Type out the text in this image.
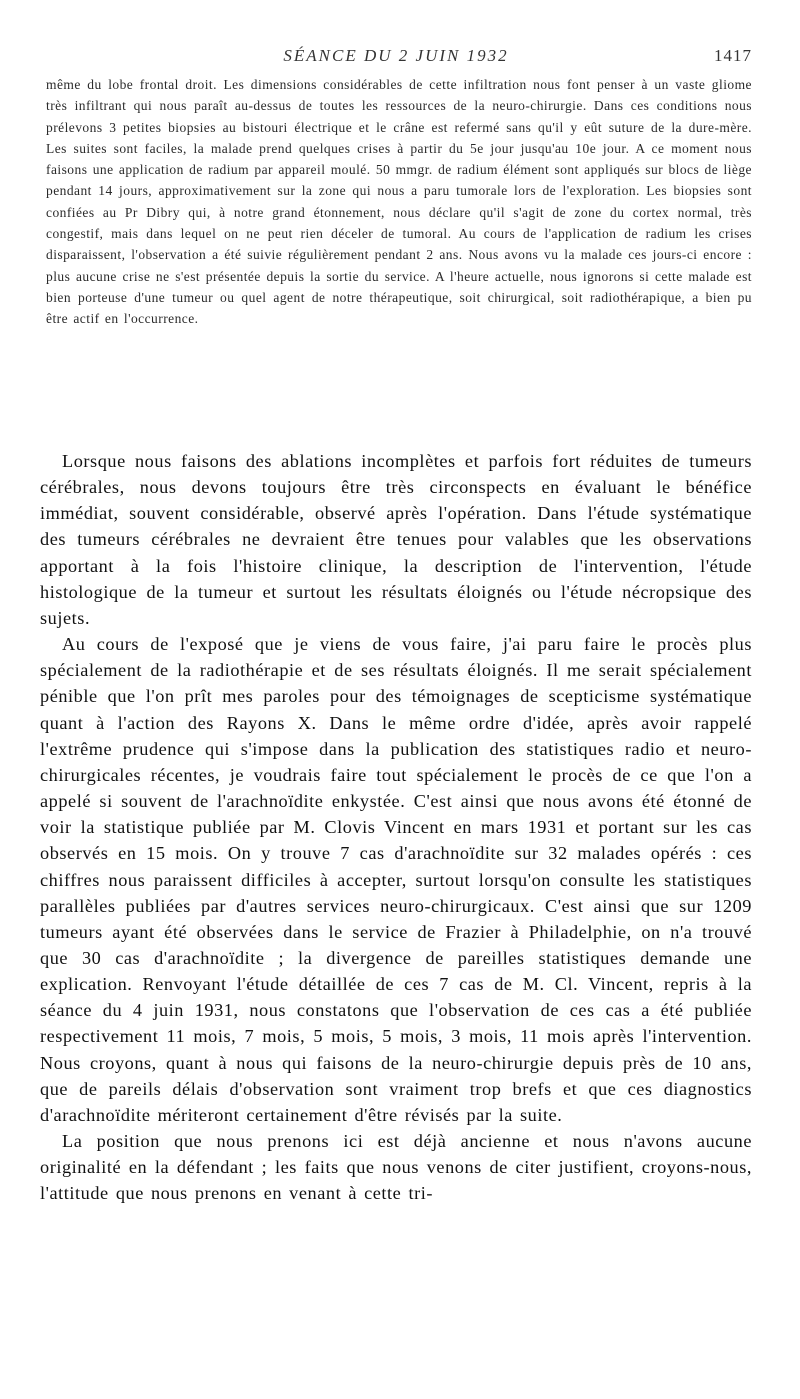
SÉANCE DU 2 JUIN 1932	1417

même du lobe frontal droit. Les dimensions considérables de cette infiltration nous font penser à un vaste gliome très infiltrant qui nous paraît au-dessus de toutes les ressources de la neuro-chirurgie. Dans ces conditions nous prélevons 3 petites biopsies au bistouri électrique et le crâne est refermé sans qu'il y eût suture de la dure-mère. Les suites sont faciles, la malade prend quelques crises à partir du 5e jour jusqu'au 10e jour. A ce moment nous faisons une application de radium par appareil moulé. 50 mmgr. de radium élément sont appliqués sur blocs de liège pendant 14 jours, approximativement sur la zone qui nous a paru tumorale lors de l'exploration. Les biopsies sont confiées au Pr Dibry qui, à notre grand étonnement, nous déclare qu'il s'agit de zone du cortex normal, très congestif, mais dans lequel on ne peut rien déceler de tumoral. Au cours de l'application de radium les crises disparaissent, l'observation a été suivie régulièrement pendant 2 ans. Nous avons vu la malade ces jours-ci encore : plus aucune crise ne s'est présentée depuis la sortie du service. A l'heure actuelle, nous ignorons si cette malade est bien porteuse d'une tumeur ou quel agent de notre thérapeutique, soit chirurgical, soit radiothérapique, a bien pu être actif en l'occurrence.

Lorsque nous faisons des ablations incomplètes et parfois fort réduites de tumeurs cérébrales, nous devons toujours être très circonspects en évaluant le bénéfice immédiat, souvent considérable, observé après l'opération. Dans l'étude systématique des tumeurs cérébrales ne devraient être tenues pour valables que les observations apportant à la fois l'histoire clinique, la description de l'intervention, l'étude histologique de la tumeur et surtout les résultats éloignés ou l'étude nécropsique des sujets.

Au cours de l'exposé que je viens de vous faire, j'ai paru faire le procès plus spécialement de la radiothérapie et de ses résultats éloignés. Il me serait spécialement pénible que l'on prît mes paroles pour des témoignages de scepticisme systématique quant à l'action des Rayons X. Dans le même ordre d'idée, après avoir rappelé l'extrême prudence qui s'impose dans la publication des statistiques radio et neuro-chirurgicales récentes, je voudrais faire tout spécialement le procès de ce que l'on a appelé si souvent de l'arachnoïdite enkystée. C'est ainsi que nous avons été étonné de voir la statistique publiée par M. Clovis Vincent en mars 1931 et portant sur les cas observés en 15 mois. On y trouve 7 cas d'arachnoïdite sur 32 malades opérés : ces chiffres nous paraissent difficiles à accepter, surtout lorsqu'on consulte les statistiques parallèles publiées par d'autres services neuro-chirurgicaux. C'est ainsi que sur 1209 tumeurs ayant été observées dans le service de Frazier à Philadelphie, on n'a trouvé que 30 cas d'arachnoïdite ; la divergence de pareilles statistiques demande une explication. Renvoyant l'étude détaillée de ces 7 cas de M. Cl. Vincent, repris à la séance du 4 juin 1931, nous constatons que l'observation de ces cas a été publiée respectivement 11 mois, 7 mois, 5 mois, 5 mois, 3 mois, 11 mois après l'intervention. Nous croyons, quant à nous qui faisons de la neuro-chirurgie depuis près de 10 ans, que de pareils délais d'observation sont vraiment trop brefs et que ces diagnostics d'arachnoïdite mériteront certainement d'être révisés par la suite.

La position que nous prenons ici est déjà ancienne et nous n'avons aucune originalité en la défendant ; les faits que nous venons de citer justifient, croyons-nous, l'attitude que nous prenons en venant à cette tri-
